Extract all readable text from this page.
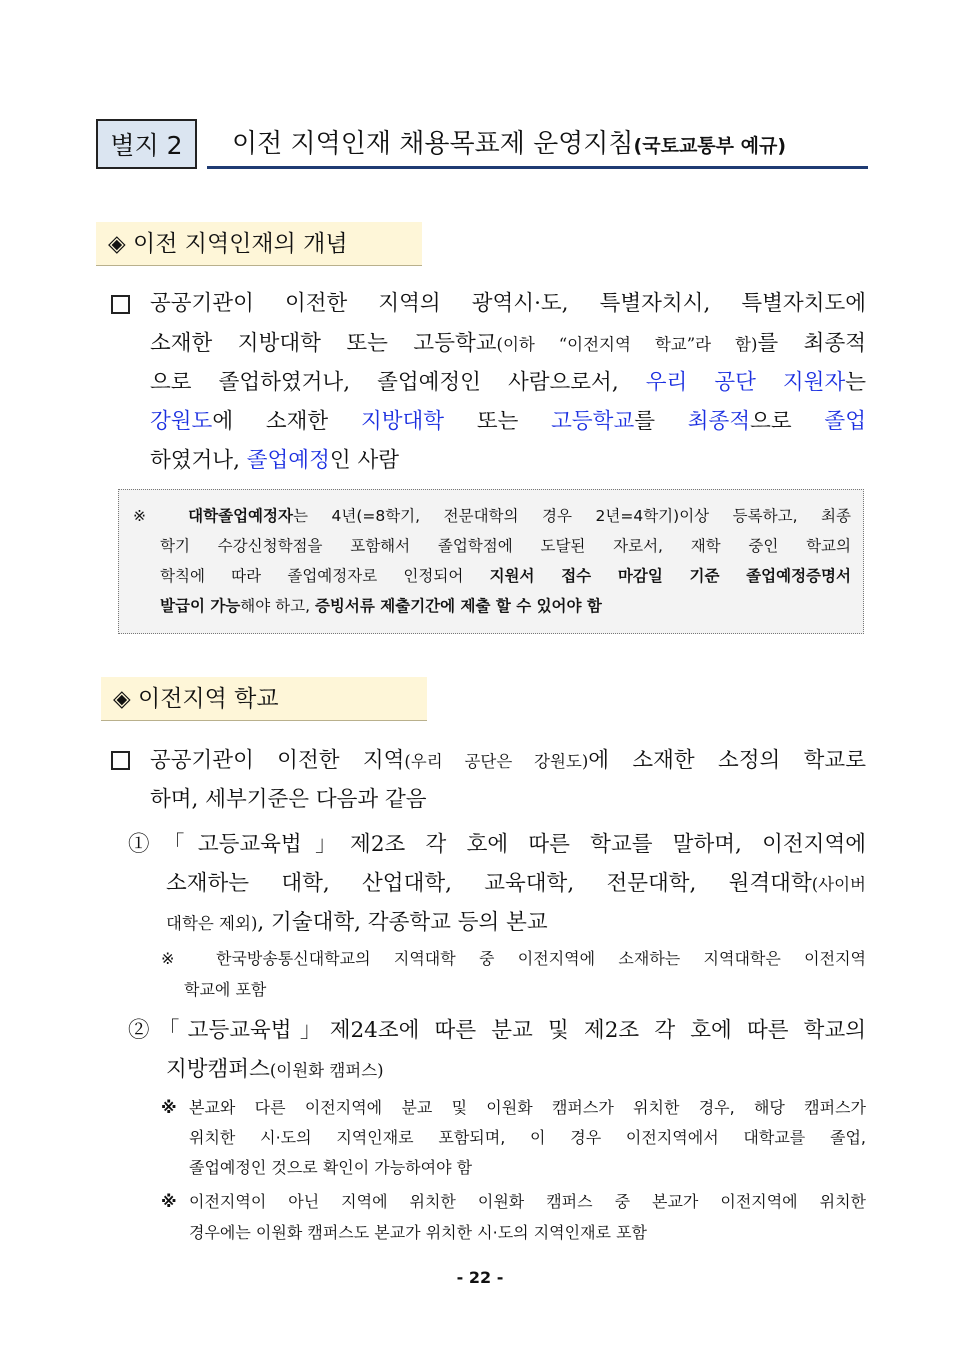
별지 2	이전 지역인재 채용목표제 운영지침(국토교통부 예규)
◈ 이전 지역인재의 개념
공공기관이 이전한 지역의 광역시·도, 특별자치시, 특별자치도에
소재한 지방대학 또는 고등학교(이하 “이전지역 학교”라 함)를 최종적
으로 졸업하였거나, 졸업예정인 사람으로서, 우리 공단 지원자는
강원도에 소재한 지방대학 또는 고등학교를 최종적으로 졸업
하였거나, 졸업예정인 사람
※ 대학졸업예정자는 4년(=8학기, 전문대학의 경우 2년=4학기)이상 등록하고, 최종
학기 수강신청학점을 포함해서 졸업학점에 도달된 자로서, 재학 중인 학교의
학칙에 따라 졸업예정자로 인정되어 지원서 접수 마감일 기준 졸업예정증명서
발급이 가능해야 하고, 증빙서류 제출기간에 제출 할 수 있어야 함
◈ 이전지역 학교
공공기관이 이전한 지역(우리 공단은 강원도)에 소재한 소정의 학교로
하며, 세부기준은 다음과 같음
①「고등교육법」제2조 각 호에 따른 학교를 말하며, 이전지역에
소재하는 대학, 산업대학, 교육대학, 전문대학, 원격대학(사이버
대학은 제외), 기술대학, 각종학교 등의 본교
※ 한국방송통신대학교의 지역대학 중 이전지역에 소재하는 지역대학은 이전지역
학교에 포함
②「고등교육법」제24조에 따른 분교 및 제2조 각 호에 따른 학교의
지방캠퍼스(이원화 캠퍼스)
※ 본교와 다른 이전지역에 분교 및 이원화 캠퍼스가 위치한 경우, 해당 캠퍼스가
위치한 시·도의 지역인재로 포함되며, 이 경우 이전지역에서 대학교를 졸업,
졸업예정인 것으로 확인이 가능하여야 함
※ 이전지역이 아닌 지역에 위치한 이원화 캠퍼스 중 본교가 이전지역에 위치한
경우에는 이원화 캠퍼스도 본교가 위치한 시·도의 지역인재로 포함
- 22 -
